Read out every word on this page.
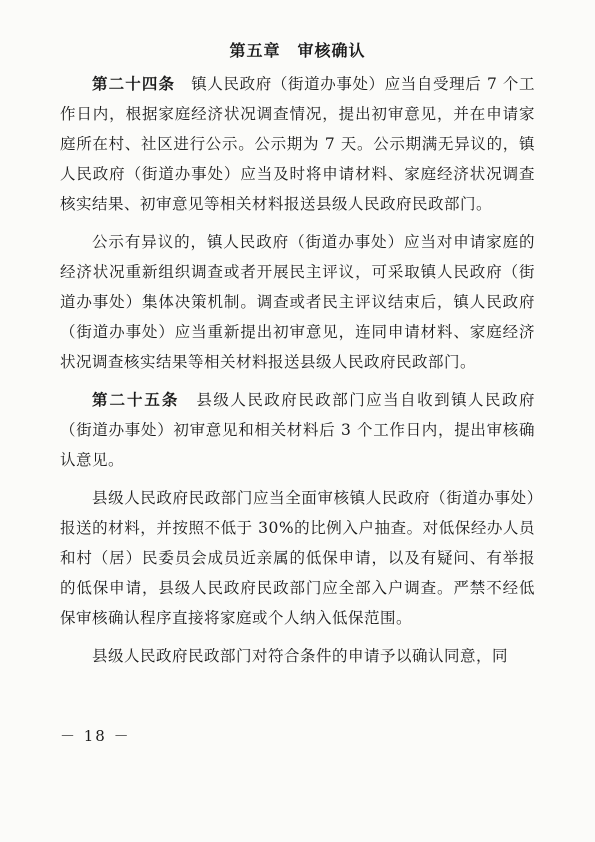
第五章　审核确认

第二十四条　镇人民政府（街道办事处）应当自受理后 7 个工作日内，根据家庭经济状况调查情况，提出初审意见，并在申请家庭所在村、社区进行公示。公示期为 7 天。公示期满无异议的，镇人民政府（街道办事处）应当及时将申请材料、家庭经济状况调查核实结果、初审意见等相关材料报送县级人民政府民政部门。

公示有异议的，镇人民政府（街道办事处）应当对申请家庭的经济状况重新组织调查或者开展民主评议，可采取镇人民政府（街道办事处）集体决策机制。调查或者民主评议结束后，镇人民政府（街道办事处）应当重新提出初审意见，连同申请材料、家庭经济状况调查核实结果等相关材料报送县级人民政府民政部门。

第二十五条　县级人民政府民政部门应当自收到镇人民政府（街道办事处）初审意见和相关材料后 3 个工作日内，提出审核确认意见。

县级人民政府民政部门应当全面审核镇人民政府（街道办事处）报送的材料，并按照不低于 30%的比例入户抽查。对低保经办人员和村（居）民委员会成员近亲属的低保申请，以及有疑问、有举报的低保申请，县级人民政府民政部门应全部入户调查。严禁不经低保审核确认程序直接将家庭或个人纳入低保范围。

县级人民政府民政部门对符合条件的申请予以确认同意，同

－ 18 －
